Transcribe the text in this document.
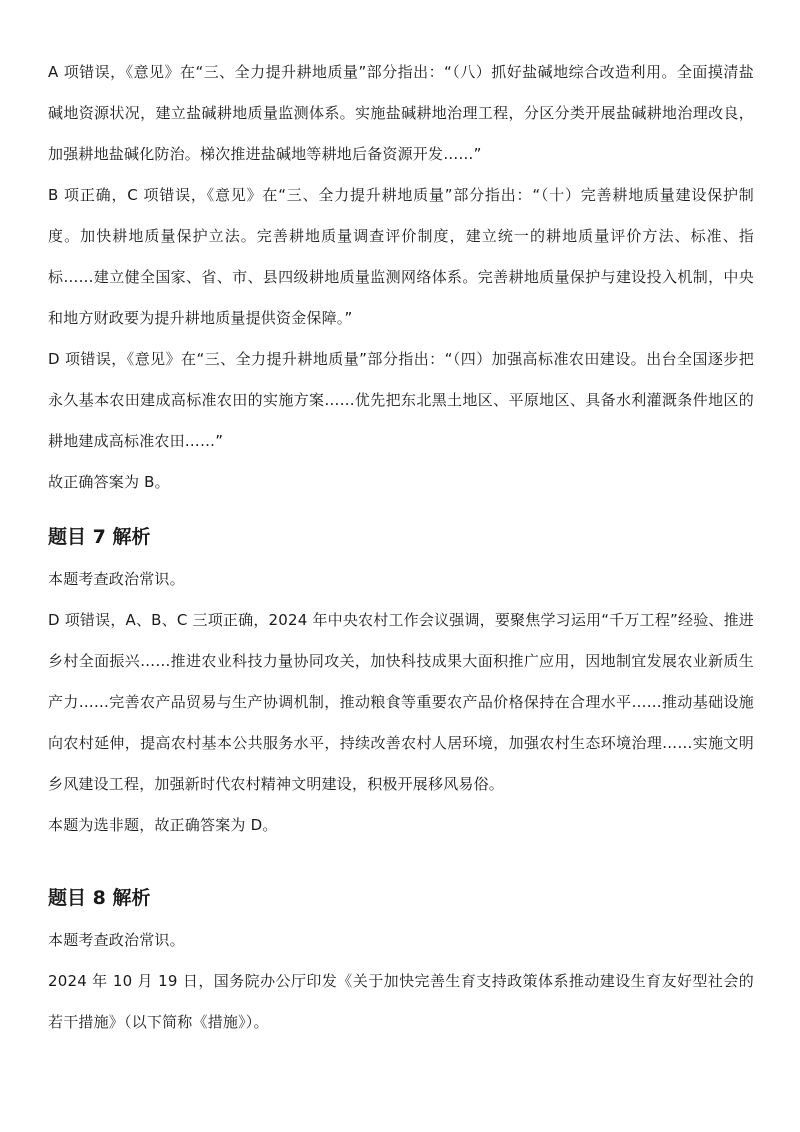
A 项错误，《意见》在“三、全力提升耕地质量”部分指出：“（八）抓好盐碱地综合改造利用。全面摸清盐碱地资源状况，建立盐碱耕地质量监测体系。实施盐碱耕地治理工程，分区分类开展盐碱耕地治理改良，加强耕地盐碱化防治。梯次推进盐碱地等耕地后备资源开发……”

B 项正确，C 项错误，《意见》在“三、全力提升耕地质量”部分指出：“（十）完善耕地质量建设保护制度。加快耕地质量保护立法。完善耕地质量调查评价制度，建立统一的耕地质量评价方法、标准、指标……建立健全国家、省、市、县四级耕地质量监测网络体系。完善耕地质量保护与建设投入机制，中央和地方财政要为提升耕地质量提供资金保障。”

D 项错误，《意见》在“三、全力提升耕地质量”部分指出：“（四）加强高标准农田建设。出台全国逐步把永久基本农田建成高标准农田的实施方案……优先把东北黑土地区、平原地区、具备水利灌溉条件地区的耕地建成高标准农田……”

故正确答案为 B。

题目 7 解析

本题考查政治常识。

D 项错误，A、B、C 三项正确，2024 年中央农村工作会议强调，要聚焦学习运用“千万工程”经验、推进乡村全面振兴……推进农业科技力量协同攻关，加快科技成果大面积推广应用，因地制宜发展农业新质生产力……完善农产品贸易与生产协调机制，推动粮食等重要农产品价格保持在合理水平……推动基础设施向农村延伸，提高农村基本公共服务水平，持续改善农村人居环境，加强农村生态环境治理……实施文明乡风建设工程，加强新时代农村精神文明建设，积极开展移风易俗。

本题为选非题，故正确答案为 D。

题目 8 解析

本题考查政治常识。

2024 年 10 月 19 日，国务院办公厅印发《关于加快完善生育支持政策体系推动建设生育友好型社会的若干措施》（以下简称《措施》）。
